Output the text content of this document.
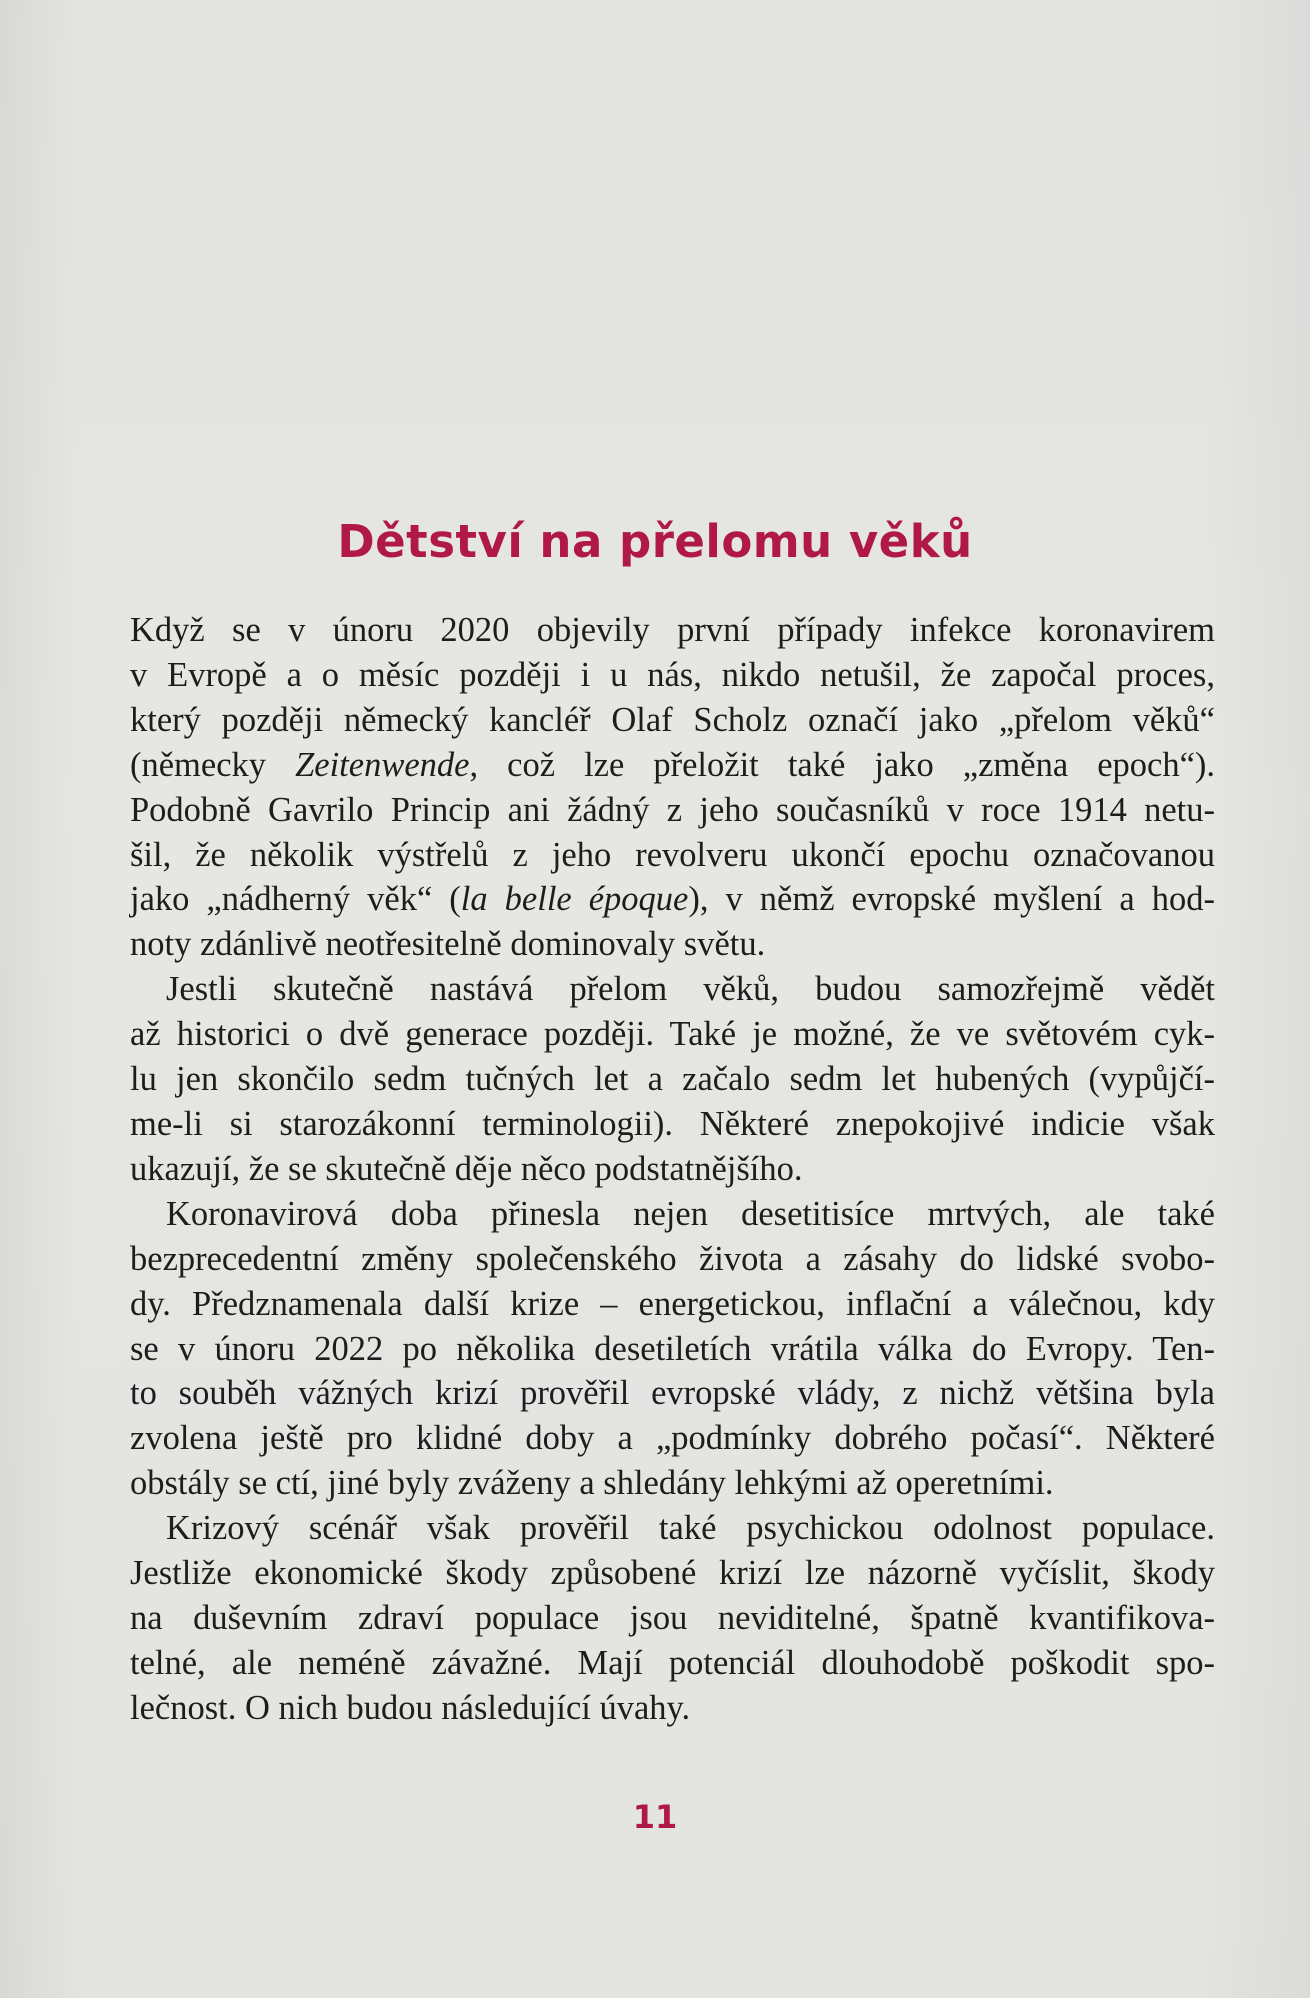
Dětství na přelomu věků
Když se v únoru 2020 objevily první případy infekce koronavirem
v Evropě a o měsíc později i u nás, nikdo netušil, že započal proces,
který později německý kancléř Olaf Scholz označí jako „přelom věků“
(německy Zeitenwende, což lze přeložit také jako „změna epoch“).
Podobně Gavrilo Princip ani žádný z jeho současníků v roce 1914 netu-
šil, že několik výstřelů z jeho revolveru ukončí epochu označovanou
jako „nádherný věk“ (la belle époque), v němž evropské myšlení a hod-
noty zdánlivě neotřesitelně dominovaly světu.
Jestli skutečně nastává přelom věků, budou samozřejmě vědět
až historici o dvě generace později. Také je možné, že ve světovém cyk-
lu jen skončilo sedm tučných let a začalo sedm let hubených (vypůjčí-
me-li si starozákonní terminologii). Některé znepokojivé indicie však
ukazují, že se skutečně děje něco podstatnějšího.
Koronavirová doba přinesla nejen desetitisíce mrtvých, ale také
bezprecedentní změny společenského života a zásahy do lidské svobo-
dy. Předznamenala další krize – energetickou, inflační a válečnou, kdy
se v únoru 2022 po několika desetiletích vrátila válka do Evropy. Ten-
to souběh vážných krizí prověřil evropské vlády, z nichž většina byla
zvolena ještě pro klidné doby a „podmínky dobrého počasí“. Některé
obstály se ctí, jiné byly zváženy a shledány lehkými až operetními.
Krizový scénář však prověřil také psychickou odolnost populace.
Jestliže ekonomické škody způsobené krizí lze názorně vyčíslit, škody
na duševním zdraví populace jsou neviditelné, špatně kvantifikova-
telné, ale neméně závažné. Mají potenciál dlouhodobě poškodit spo-
lečnost. O nich budou následující úvahy.
11
